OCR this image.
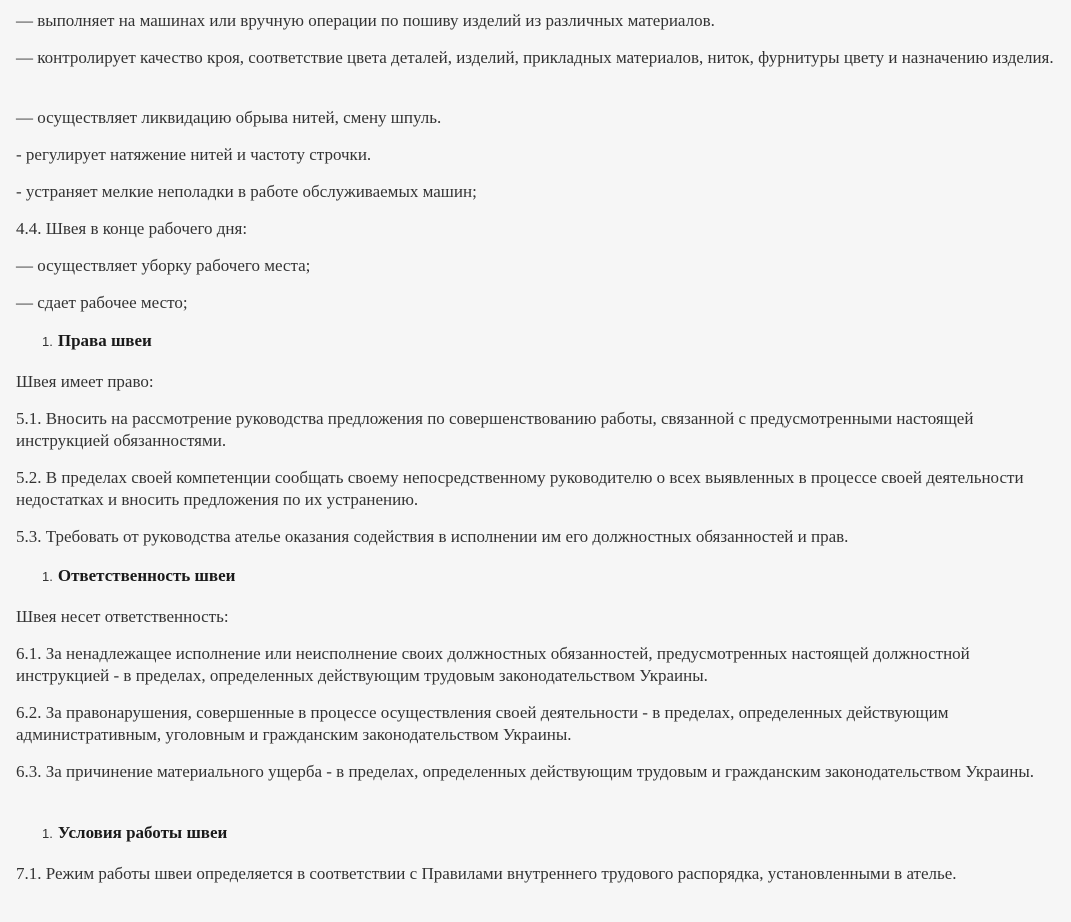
— выполняет на машинах или вручную операции по пошиву изделий из различных материалов.

— контролирует качество кроя, соответствие цвета деталей, изделий, прикладных материалов, ниток, фурнитуры цвету и назначению изделия.

— осуществляет ликвидацию обрыва нитей, смену шпуль.

- регулирует натяжение нитей и частоту строчки.

- устраняет мелкие неполадки в работе обслуживаемых машин;

4.4. Швея в конце рабочего дня:

— осуществляет уборку рабочего места;

— сдает рабочее место;

1. Права швеи

Швея имеет право:

5.1. Вносить на рассмотрение руководства предложения по совершенствованию работы, связанной с предусмотренными настоящей инструкцией обязанностями.

5.2. В пределах своей компетенции сообщать своему непосредственному руководителю о всех выявленных в процессе своей деятельности недостатках и вносить предложения по их устранению.

5.3. Требовать от руководства ателье оказания содействия в исполнении им его должностных обязанностей и прав.

1. Ответственность швеи

Швея несет ответственность:

6.1. За ненадлежащее исполнение или неисполнение своих должностных обязанностей, предусмотренных настоящей должностной инструкцией - в пределах, определенных действующим трудовым законодательством Украины.

6.2. За правонарушения, совершенные в процессе осуществления своей деятельности - в пределах, определенных действующим административным, уголовным и гражданским законодательством Украины.

6.3. За причинение материального ущерба - в пределах, определенных действующим трудовым и гражданским законодательством Украины.

1. Условия работы швеи

7.1. Режим работы швеи определяется в соответствии с Правилами внутреннего трудового распорядка, установленными в ателье.
